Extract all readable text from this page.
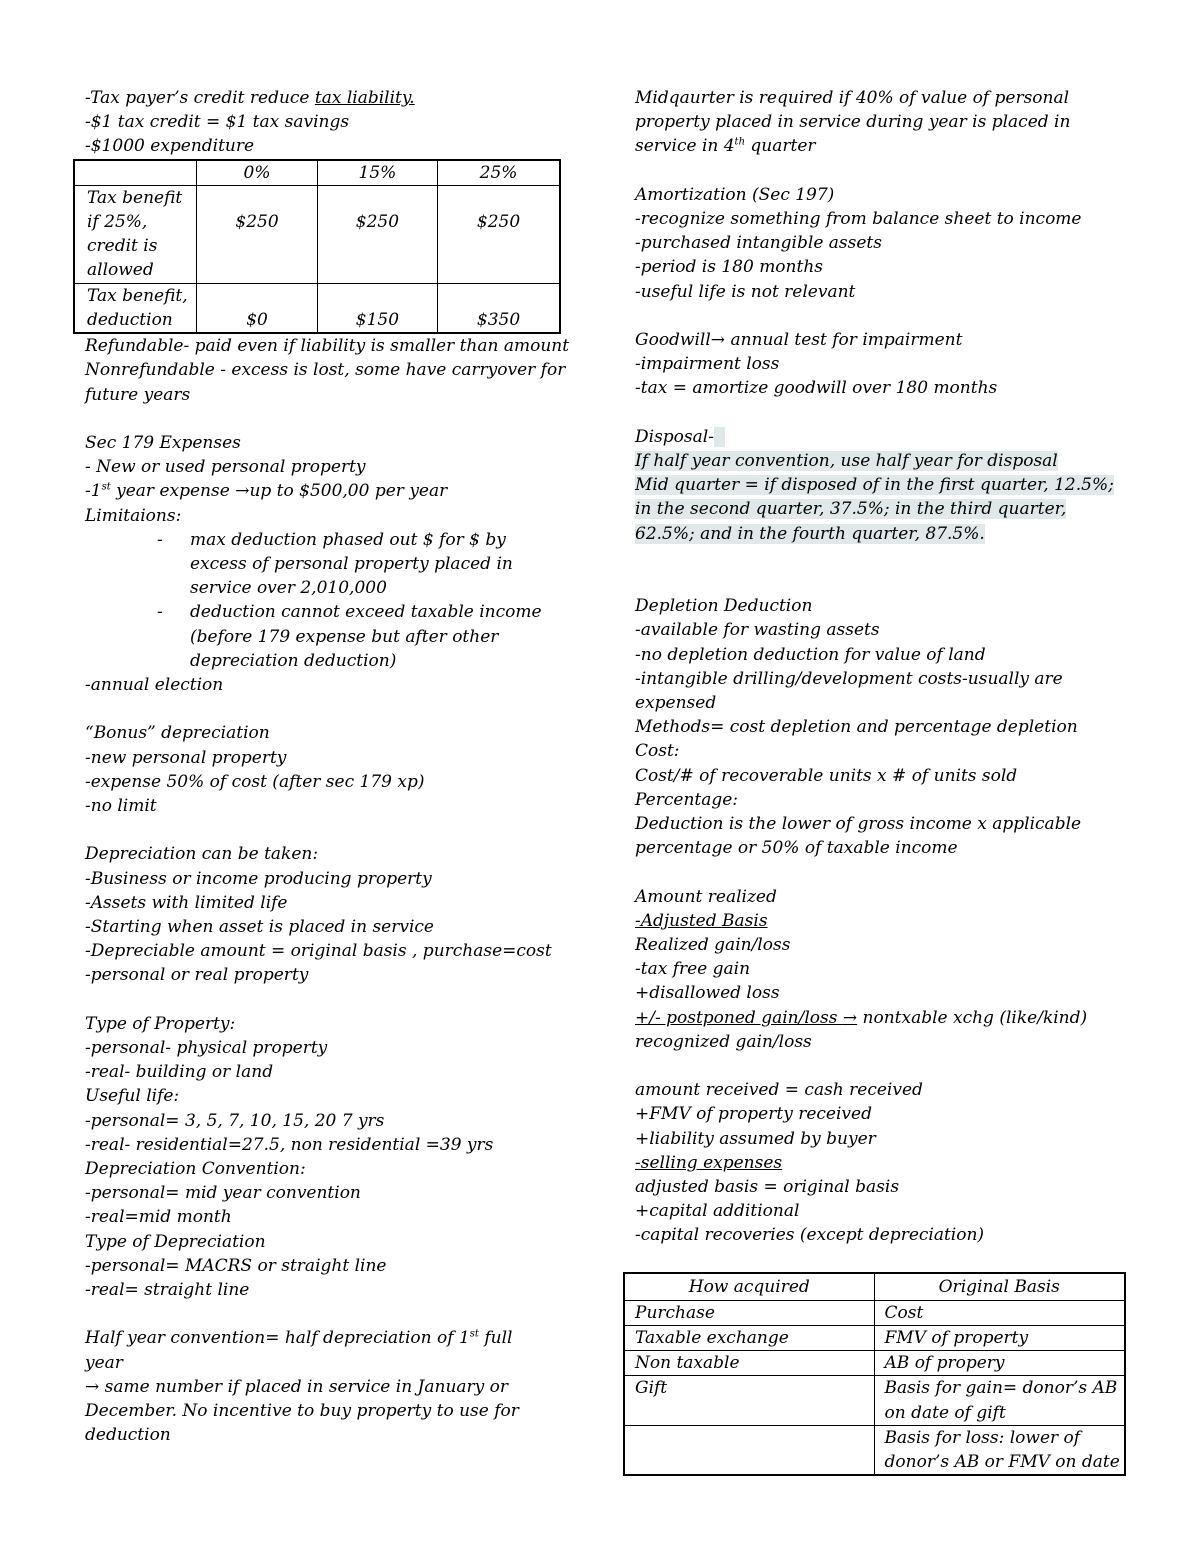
-Tax payer’s credit reduce tax liability.
-$1 tax credit = $1 tax savings
-$1000 expenditure
	0%	15%	25%
Tax benefit if 25%, credit is allowed	$250	$250	$250
Tax benefit, deduction	$0	$150	$350
Refundable- paid even if liability is smaller than amount
Nonrefundable - excess is lost, some have carryover for future years
Sec 179 Expenses
- New or used personal property
-1st year expense →up to $500,00 per year
Limitaions:
- max deduction phased out $ for $ by excess of personal property placed in service over 2,010,000
- deduction cannot exceed taxable income (before 179 expense but after other depreciation deduction)
-annual election
“Bonus” depreciation
-new personal property
-expense 50% of cost (after sec 179 xp)
-no limit
Depreciation can be taken:
-Business or income producing property
-Assets with limited life
-Starting when asset is placed in service
-Depreciable amount = original basis , purchase=cost
-personal or real property
Type of Property:
-personal- physical property
-real- building or land
Useful life:
-personal= 3, 5, 7, 10, 15, 20 7 yrs
-real- residential=27.5, non residential =39 yrs
Depreciation Convention:
-personal= mid year convention
-real=mid month
Type of Depreciation
-personal= MACRS or straight line
-real= straight line
Half year convention= half depreciation of 1st full year
→ same number if placed in service in January or December. No incentive to buy property to use for deduction
Midqaurter is required if 40% of value of personal property placed in service during year is placed in service in 4th quarter
Amortization (Sec 197)
-recognize something from balance sheet to income
-purchased intangible assets
-period is 180 months
-useful life is not relevant
Goodwill→ annual test for impairment
-impairment loss
-tax = amortize goodwill over 180 months
Disposal-
If half year convention, use half year for disposal
Mid quarter = if disposed of in the first quarter, 12.5%;
in the second quarter, 37.5%; in the third quarter,
62.5%; and in the fourth quarter, 87.5%.
Depletion Deduction
-available for wasting assets
-no depletion deduction for value of land
-intangible drilling/development costs-usually are expensed
Methods= cost depletion and percentage depletion
Cost:
Cost/# of recoverable units x # of units sold
Percentage:
Deduction is the lower of gross income x applicable percentage or 50% of taxable income
Amount realized
-Adjusted Basis
Realized gain/loss
-tax free gain
+disallowed loss
+/- postponed gain/loss → nontxable xchg (like/kind)
recognized gain/loss
amount received = cash received
+FMV of property received
+liability assumed by buyer
-selling expenses
adjusted basis = original basis
+capital additional
-capital recoveries (except depreciation)
How acquired	Original Basis
Purchase	Cost
Taxable exchange	FMV of property
Non taxable	AB of propery
Gift	Basis for gain= donor’s AB on date of gift
	Basis for loss: lower of donor’s AB or FMV on date
